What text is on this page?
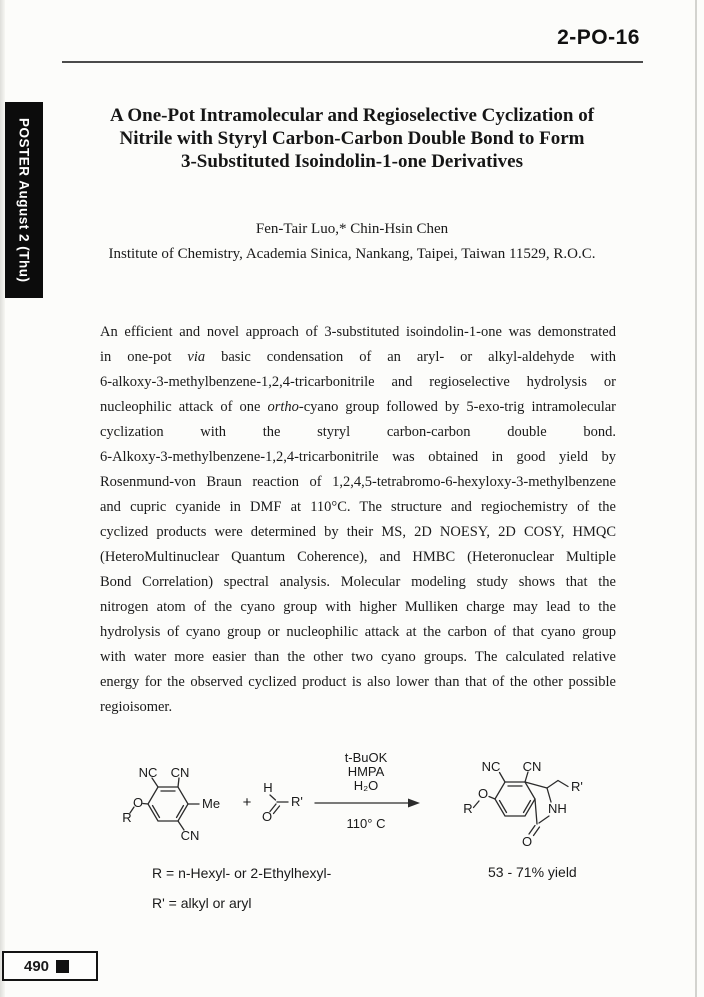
2-PO-16
POSTER August 2 (Thu)
A One-Pot Intramolecular and Regioselective Cyclization of
Nitrile with Styryl Carbon-Carbon Double Bond to Form
3-Substituted Isoindolin-1-one Derivatives
Fen-Tair Luo,* Chin-Hsin Chen
Institute of Chemistry, Academia Sinica, Nankang, Taipei, Taiwan 11529, R.O.C.
An efficient and novel approach of 3-substituted isoindolin-1-one was demonstrated
in one-pot via basic condensation of an aryl- or alkyl-aldehyde with
6-alkoxy-3-methylbenzene-1,2,4-tricarbonitrile and regioselective hydrolysis or
nucleophilic attack of one ortho-cyano group followed by 5-exo-trig intramolecular
cyclization with the styryl carbon-carbon double bond.
6-Alkoxy-3-methylbenzene-1,2,4-tricarbonitrile was obtained in good yield by
Rosenmund-von Braun reaction of 1,2,4,5-tetrabromo-6-hexyloxy-3-methylbenzene
and cupric cyanide in DMF at 110°C. The structure and regiochemistry of the
cyclized products were determined by their MS, 2D NOESY, 2D COSY, HMQC
(HeteroMultinuclear Quantum Coherence), and HMBC (Heteronuclear Multiple
Bond Correlation) spectral analysis. Molecular modeling study shows that the
nitrogen atom of the cyano group with higher Mulliken charge may lead to the
hydrolysis of cyano group or nucleophilic attack at the carbon of that cyano group
with water more easier than the other two cyano groups. The calculated relative
energy for the observed cyclized product is also lower than that of the other possible
regioisomer.
NC CN
Me
O
R
CN
+
H
R'
O
t-BuOK
HMPA
H₂O
110° C
NC CN
O
R
R'
NH
O
R = n-Hexyl- or 2-Ethylhexyl-
R' = alkyl or aryl
53 - 71% yield
490
